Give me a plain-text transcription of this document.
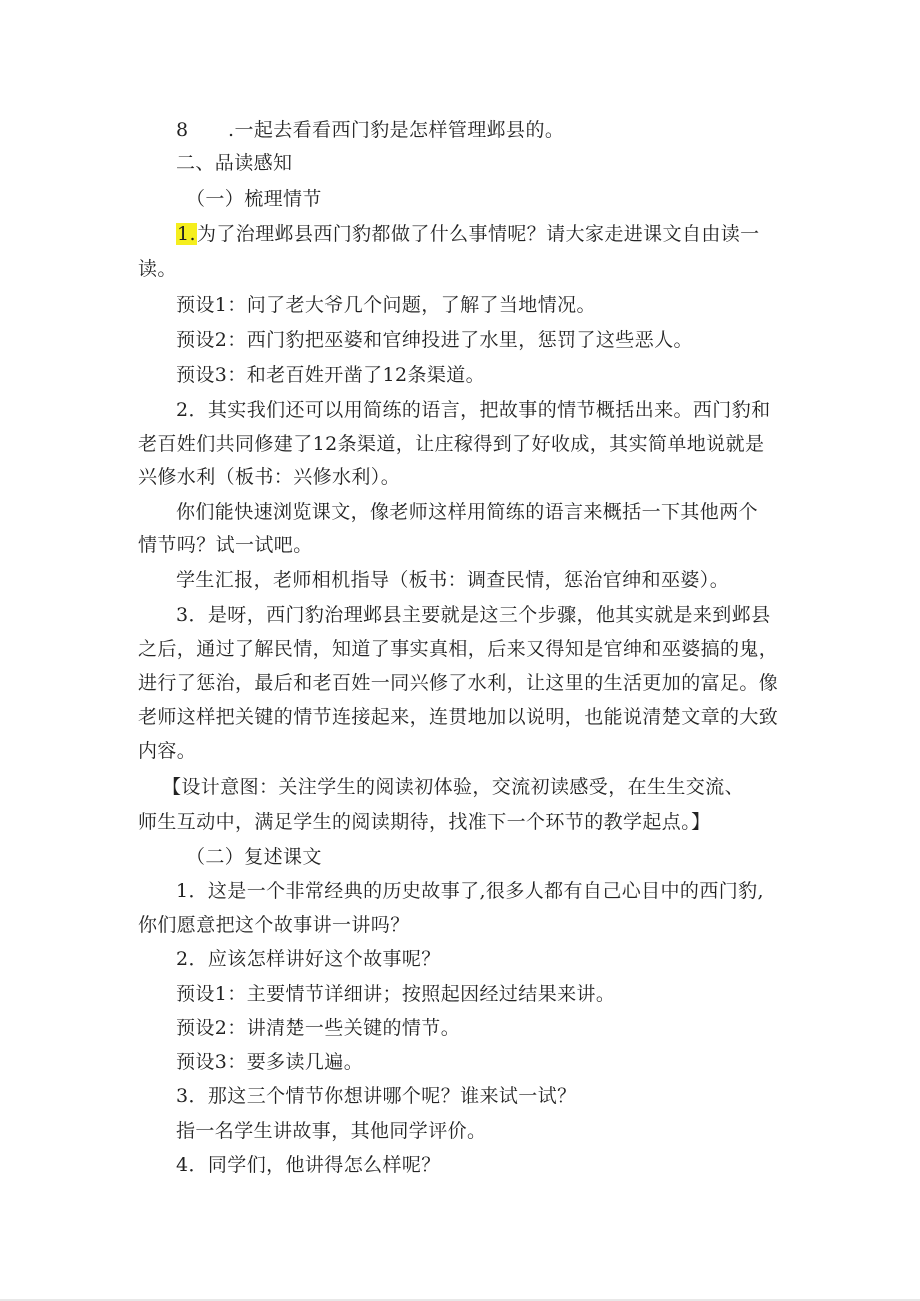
8 .一起去看看西门豹是怎样管理邺县的。
二、品读感知
（一）梳理情节
1.为了治理邺县西门豹都做了什么事情呢？请大家走进课文自由读一
读。
预设1：问了老大爷几个问题，了解了当地情况。
预设2：西门豹把巫婆和官绅投进了水里，惩罚了这些恶人。
预设3：和老百姓开凿了12条渠道。
2．其实我们还可以用简练的语言，把故事的情节概括出来。西门豹和
老百姓们共同修建了12条渠道，让庄稼得到了好收成，其实简单地说就是
兴修水利（板书：兴修水利）。
你们能快速浏览课文，像老师这样用简练的语言来概括一下其他两个
情节吗？试一试吧。
学生汇报，老师相机指导（板书：调查民情，惩治官绅和巫婆）。
3．是呀，西门豹治理邺县主要就是这三个步骤，他其实就是来到邺县
之后，通过了解民情，知道了事实真相，后来又得知是官绅和巫婆搞的鬼，
进行了惩治，最后和老百姓一同兴修了水利，让这里的生活更加的富足。像
老师这样把关键的情节连接起来，连贯地加以说明，也能说清楚文章的大致
内容。
【设计意图：关注学生的阅读初体验，交流初读感受，在生生交流、
师生互动中，满足学生的阅读期待，找准下一个环节的教学起点。】
（二）复述课文
1．这是一个非常经典的历史故事了,很多人都有自己心目中的西门豹,
你们愿意把这个故事讲一讲吗？
2．应该怎样讲好这个故事呢？
预设1：主要情节详细讲；按照起因经过结果来讲。
预设2：讲清楚一些关键的情节。
预设3：要多读几遍。
3．那这三个情节你想讲哪个呢？谁来试一试？
指一名学生讲故事，其他同学评价。
4．同学们，他讲得怎么样呢？
